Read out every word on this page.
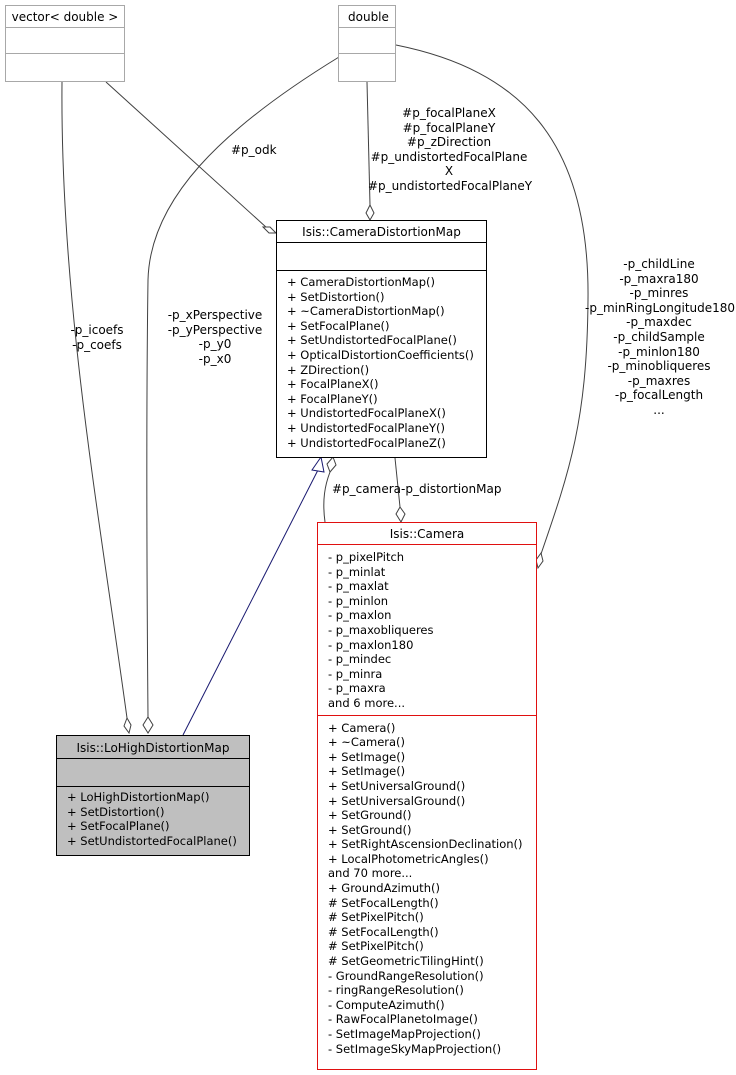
vector< double >	double
Isis::CameraDistortionMap
+ CameraDistortionMap()
+ SetDistortion()
+ ~CameraDistortionMap()
+ SetFocalPlane()
+ SetUndistortedFocalPlane()
+ OpticalDistortionCoefficients()
+ ZDirection()
+ FocalPlaneX()
+ FocalPlaneY()
+ UndistortedFocalPlaneX()
+ UndistortedFocalPlaneY()
+ UndistortedFocalPlaneZ()
Isis::Camera
- p_pixelPitch
- p_minlat
- p_maxlat
- p_minlon
- p_maxlon
- p_maxobliqueres
- p_maxlon180
- p_mindec
- p_minra
- p_maxra
and 6 more...
+ Camera()
+ ~Camera()
+ SetImage()
+ SetImage()
+ SetUniversalGround()
+ SetUniversalGround()
+ SetGround()
+ SetGround()
+ SetRightAscensionDeclination()
+ LocalPhotometricAngles()
and 70 more...
+ GroundAzimuth()
# SetFocalLength()
# SetPixelPitch()
# SetFocalLength()
# SetPixelPitch()
# SetGeometricTilingHint()
- GroundRangeResolution()
- ringRangeResolution()
- ComputeAzimuth()
- RawFocalPlanetoImage()
- SetImageMapProjection()
- SetImageSkyMapProjection()
Isis::LoHighDistortionMap
+ LoHighDistortionMap()
+ SetDistortion()
+ SetFocalPlane()
+ SetUndistortedFocalPlane()
#p_odk
#p_focalPlaneX
#p_focalPlaneY
#p_zDirection
#p_undistortedFocalPlane
X
#p_undistortedFocalPlaneY
-p_childLine
-p_maxra180
-p_minres
-p_minRingLongitude180
-p_maxdec
-p_childSample
-p_minlon180
-p_minobliqueres
-p_maxres
-p_focalLength
...
-p_icoefs
-p_coefs
-p_xPerspective
-p_yPerspective
-p_y0
-p_x0
#p_camera -p_distortionMap
